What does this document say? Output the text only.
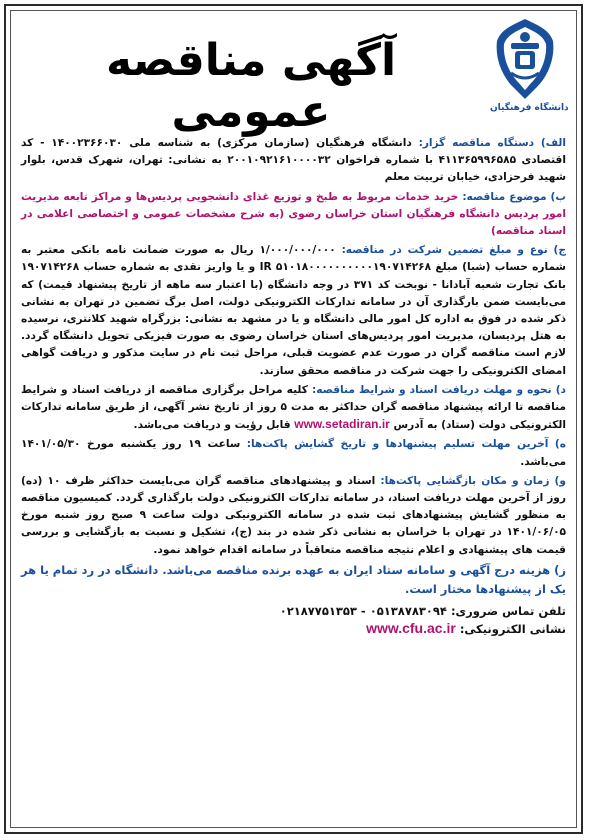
آگهی مناقصه عمومی	دانشگاه فرهنگیان

الف) دستگاه مناقصه گزار: دانشگاه فرهنگیان (سازمان مرکزی) به شناسه ملی ۱۴۰۰۲۳۶۶۰۳۰ - کد اقتصادی ۴۱۱۳۶۵۹۹۶۵۸۵ با شماره فراخوان ۲۰۰۱۰۹۲۱۶۱۰۰۰۰۳۲ به نشانی: تهران، شهرک قدس، بلوار شهید فرحزادی، خیابان تربیت معلم

ب) موضوع مناقصه: خرید خدمات مربوط به طبخ و توزیع غذای دانشجویی پردیس‌ها و مراکز تابعه مدیریت امور پردیس دانشگاه فرهنگیان استان خراسان رضوی (به شرح مشخصات عمومی و اختصاصی اعلامی در اسناد مناقصه)

ج) نوع و مبلغ تضمین شرکت در مناقصه: ۱/۰۰۰/۰۰۰/۰۰۰ ریال به صورت ضمانت نامه بانکی معتبر به شماره حساب (شبا) مبلغ IR ۵۱۰۱۸۰۰۰۰۰۰۰۰۰۰۱۹۰۷۱۴۲۶۸ و یا واریز نقدی به شماره حساب ۱۹۰۷۱۴۲۶۸ بانک تجارت شعبه آبادانا - نوبخت کد ۳۷۱ در وجه دانشگاه (با اعتبار سه ماهه از تاریخ پیشنهاد قیمت) که می‌بایست ضمن بارگذاری آن در سامانه تدارکات الکترونیکی دولت، اصل برگ تضمین در تهران به نشانی ذکر شده در فوق به اداره کل امور مالی دانشگاه و یا در مشهد به نشانی: بزرگراه شهید کلانتری، نرسیده به هتل پردیسان، مدیریت امور پردیس‌های استان خراسان رضوی به صورت فیزیکی تحویل دانشگاه گردد. لازم است مناقصه گران در صورت عدم عضویت قبلی، مراحل ثبت نام در سایت مذکور و دریافت گواهی امضای الکترونیکی را جهت شرکت در مناقصه محقق سازند.

د) نحوه و مهلت دریافت اسناد و شرایط مناقصه: کلیه مراحل برگزاری مناقصه از دریافت اسناد و شرایط مناقصه تا ارائه پیشنهاد مناقصه گران حداکثر به مدت ۵ روز از تاریخ نشر آگهی، از طریق سامانه تدارکات الکترونیکی دولت (ستاد) به آدرس www.setadiran.ir قابل رؤیت و دریافت می‌باشد.

ه) آخرین مهلت تسلیم پیشنهادها و تاریخ گشایش پاکت‌ها: ساعت ۱۹ روز یکشنبه مورخ ۱۴۰۱/۰۵/۳۰ می‌باشد.

و) زمان و مکان بازگشایی پاکت‌ها: اسناد و پیشنهادهای مناقصه گران می‌بایست حداکثر ظرف ۱۰ (ده) روز از آخرین مهلت دریافت اسناد، در سامانه تدارکات الکترونیکی دولت بارگذاری گردد. کمیسیون مناقصه به منظور گشایش پیشنهادهای ثبت شده در سامانه الکترونیکی دولت ساعت ۹ صبح روز شنبه مورخ ۱۴۰۱/۰۶/۰۵ در تهران با خراسان به نشانی ذکر شده در بند (ج)، تشکیل و نسبت به بازگشایی و بررسی قیمت های پیشنهادی و اعلام نتیجه مناقصه متعاقباً در سامانه اقدام خواهد نمود.

ز) هزینه درج آگهی و سامانه ستاد ایران به عهده برنده مناقصه می‌باشد. دانشگاه در رد تمام یا هر یک از پیشنهادها مختار است.

تلفن تماس ضروری: ۰۵۱۳۸۷۸۳۰۹۴ - ۰۲۱۸۷۷۵۱۳۵۳
نشانی الکترونیکی: www.cfu.ac.ir
